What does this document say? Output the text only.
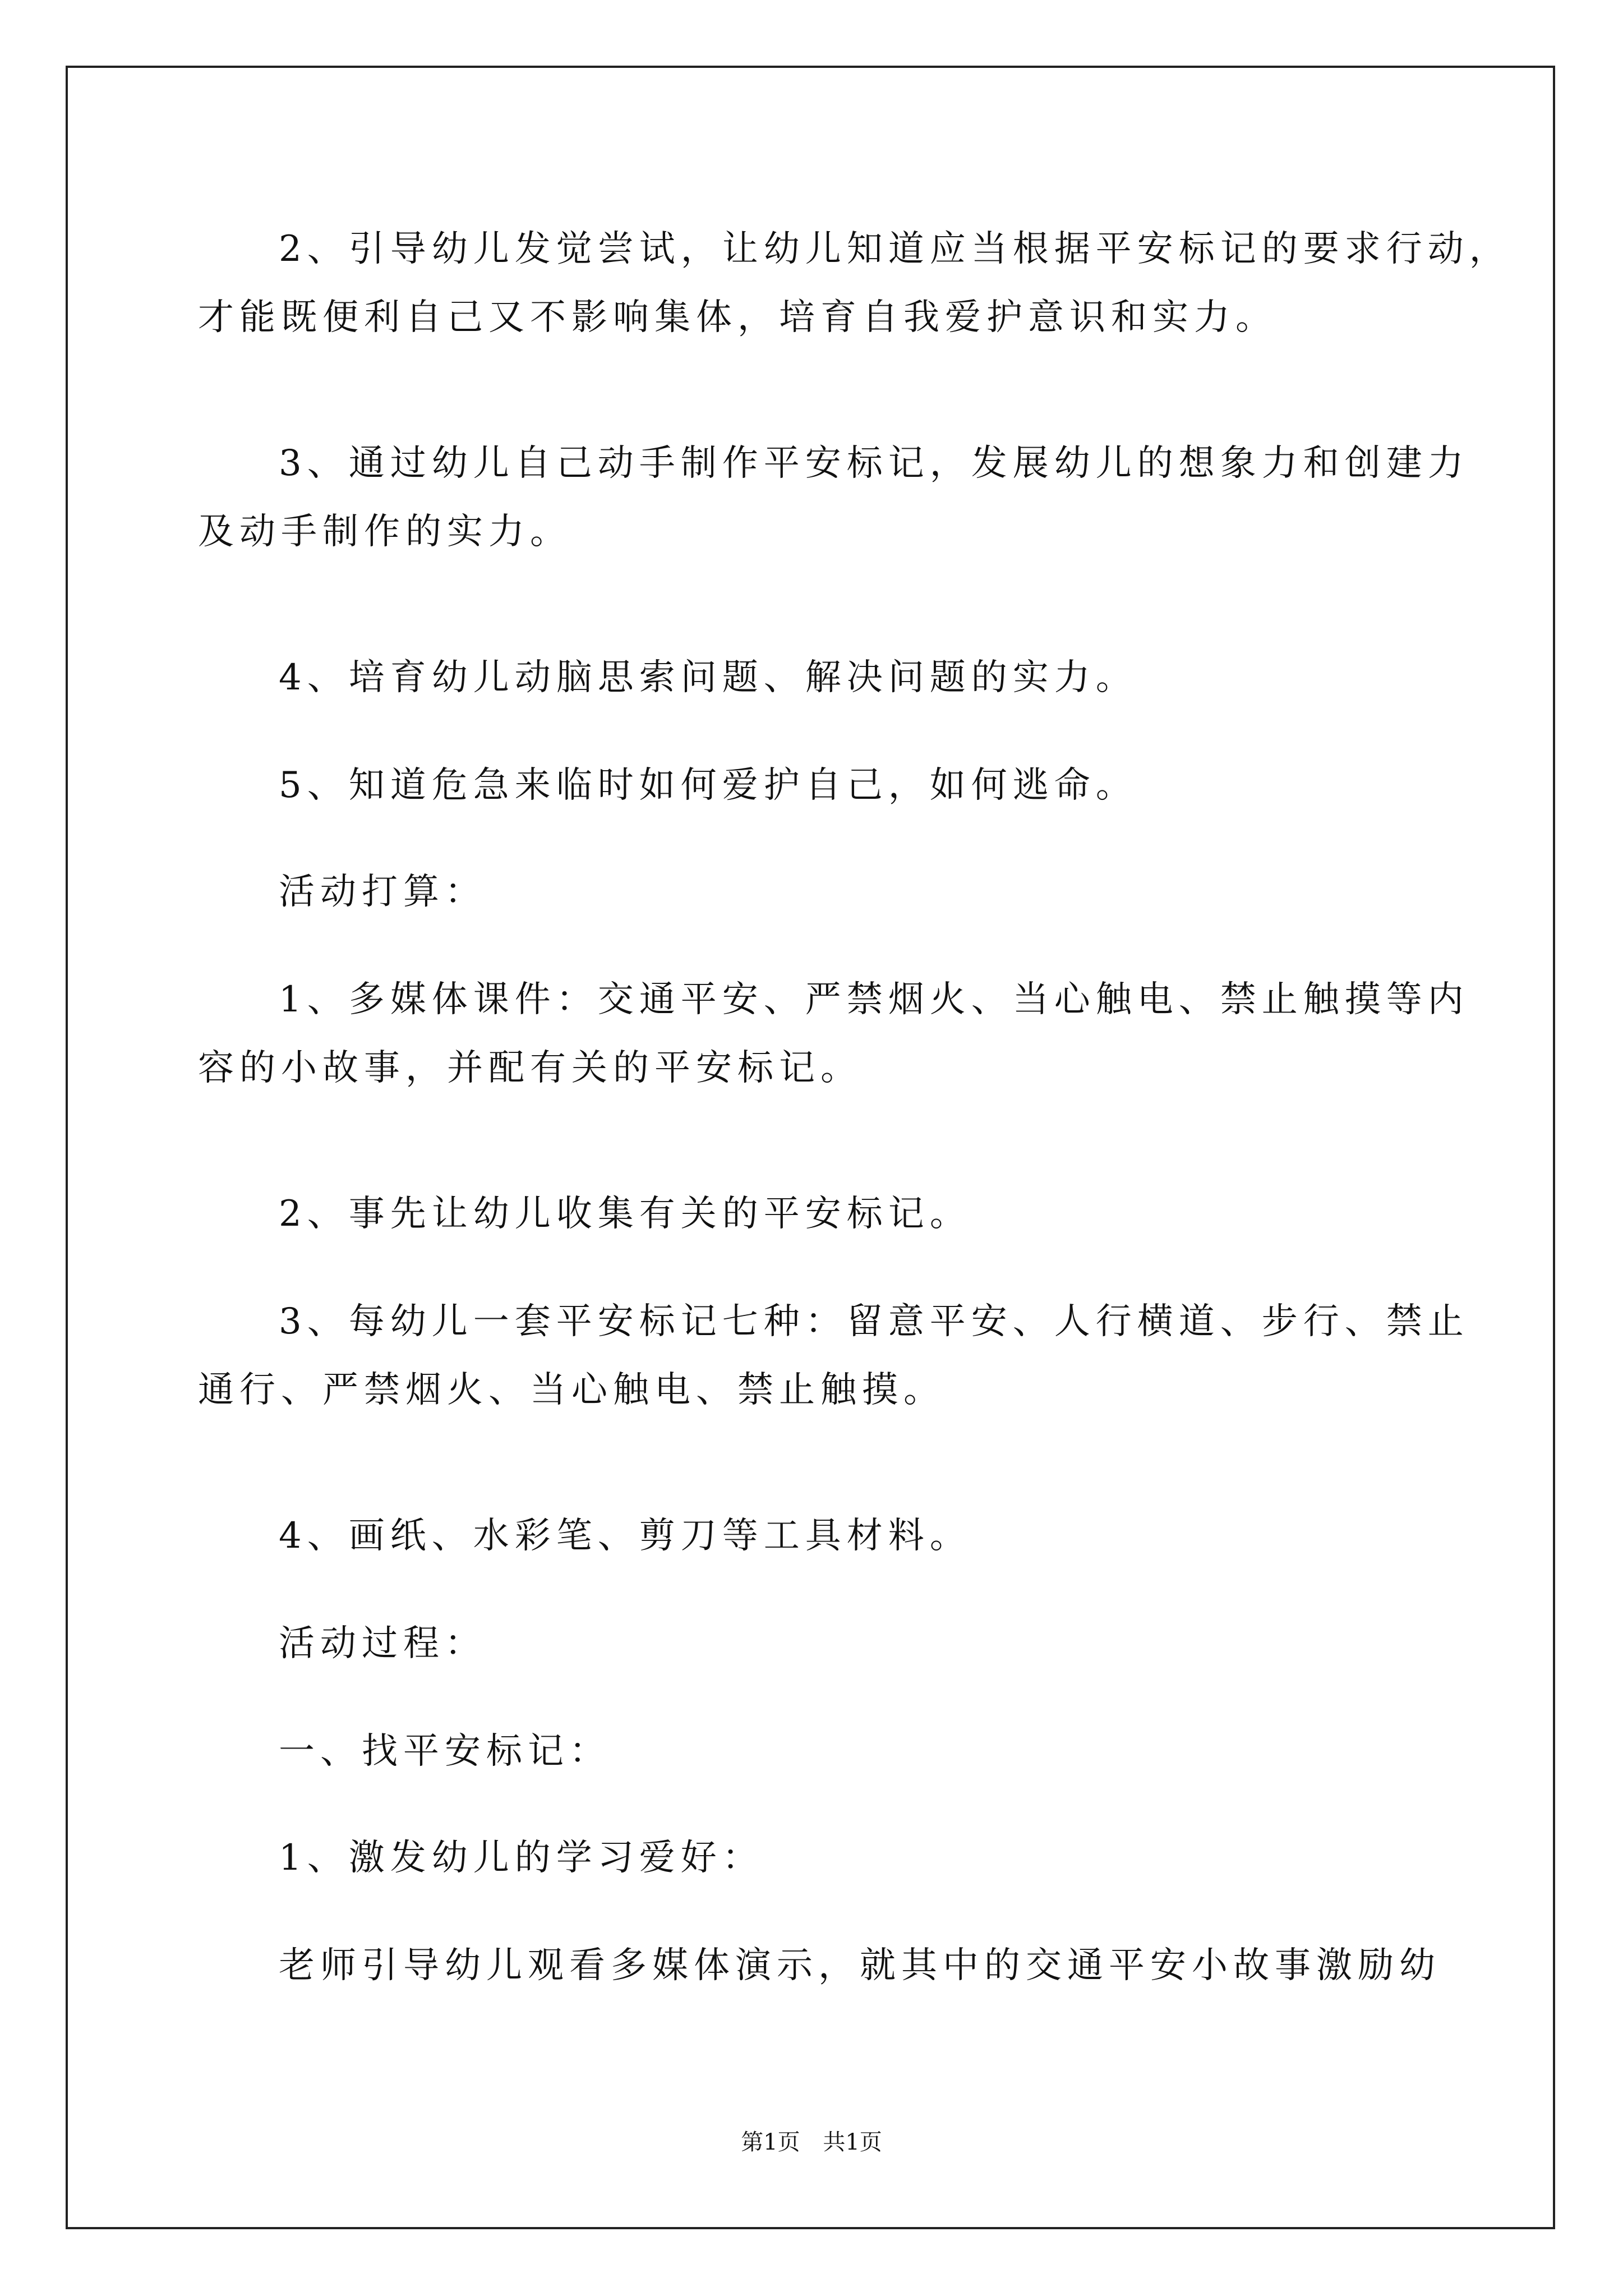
2、引导幼儿发觉尝试，让幼儿知道应当根据平安标记的要求行动，
才能既便利自己又不影响集体，培育自我爱护意识和实力。
3、通过幼儿自己动手制作平安标记，发展幼儿的想象力和创建力
及动手制作的实力。
4、培育幼儿动脑思索问题、解决问题的实力。
5、知道危急来临时如何爱护自己，如何逃命。
活动打算：
1、多媒体课件：交通平安、严禁烟火、当心触电、禁止触摸等内
容的小故事，并配有关的平安标记。
2、事先让幼儿收集有关的平安标记。
3、每幼儿一套平安标记七种：留意平安、人行横道、步行、禁止
通行、严禁烟火、当心触电、禁止触摸。
4、画纸、水彩笔、剪刀等工具材料。
活动过程：
一、找平安标记：
1、激发幼儿的学习爱好：
老师引导幼儿观看多媒体演示，就其中的交通平安小故事激励幼
第1页 共1页
